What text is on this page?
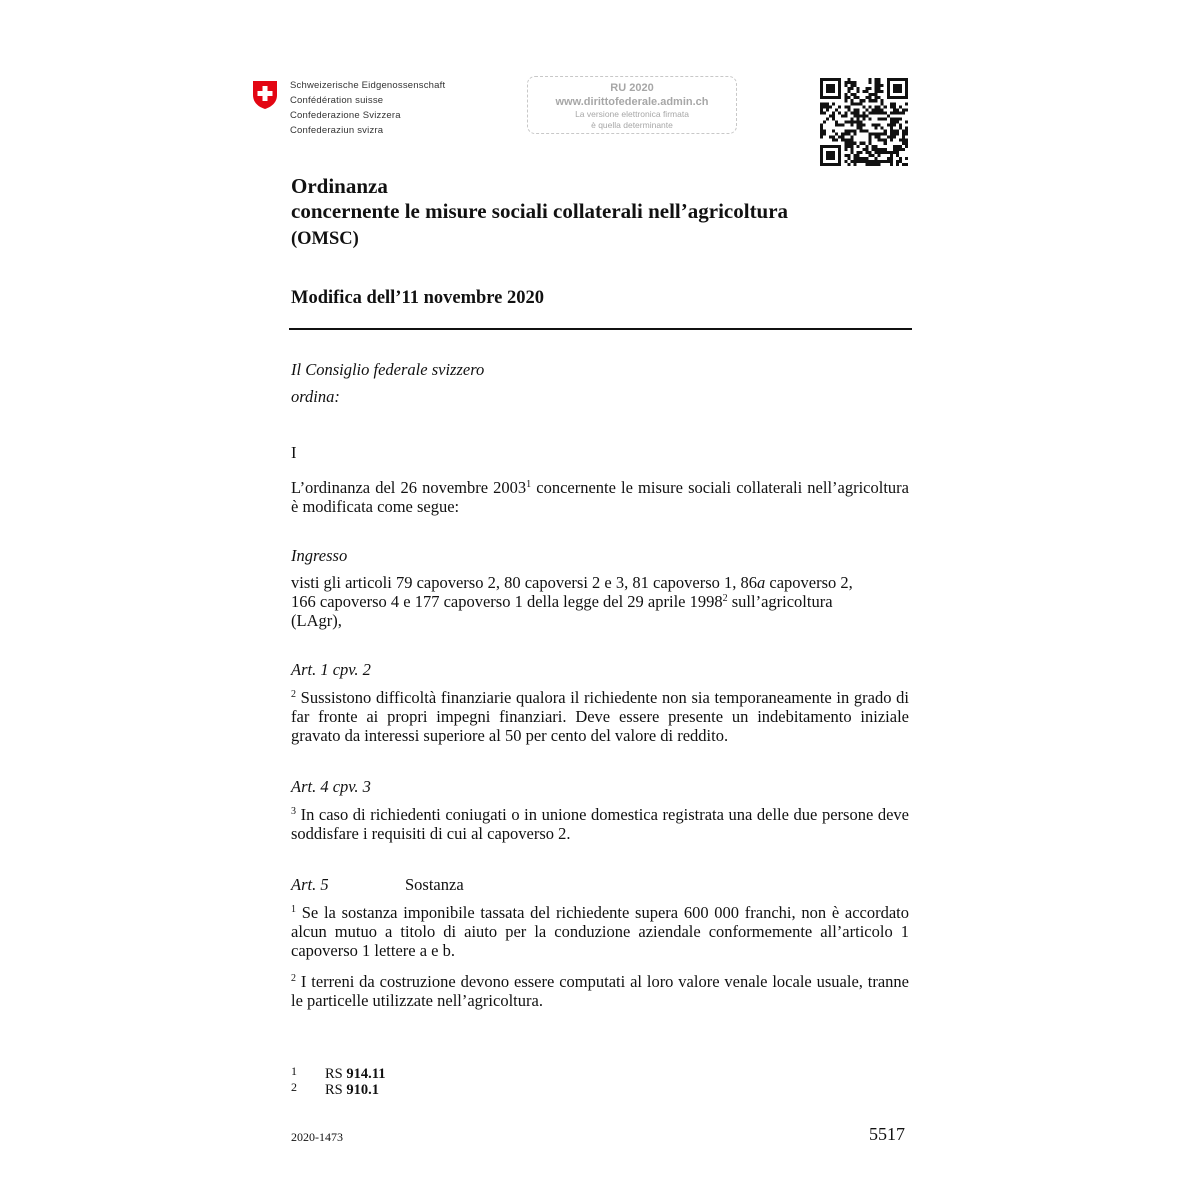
Schweizerische Eidgenossenschaft
Confédération suisse
Confederazione Svizzera
Confederaziun svizra
RU 2020
www.dirittofederale.admin.ch
La versione elettronica firmata
è quella determinante
Ordinanza
concernente le misure sociali collaterali nell’agricoltura
(OMSC)
Modifica dell’11 novembre 2020
Il Consiglio federale svizzero
ordina:
I
L’ordinanza del 26 novembre 2003$^1$ concernente le misure sociali collaterali nell’agricoltura è modificata come segue:
Ingresso
visti gli articoli 79 capoverso 2, 80 capoversi 2 e 3, 81 capoverso 1, 86a capoverso 2, 166 capoverso 4 e 177 capoverso 1 della legge del 29 aprile 1998$^2$ sull’agricoltura (LAgr),
Art. 1 cpv. 2
$^2$ Sussistono difficoltà finanziarie qualora il richiedente non sia temporaneamente in grado di far fronte ai propri impegni finanziari. Deve essere presente un indebitamento iniziale gravato da interessi superiore al 50 per cento del valore di reddito.
Art. 4 cpv. 3
$^3$ In caso di richiedenti coniugati o in unione domestica registrata una delle due persone deve soddisfare i requisiti di cui al capoverso 2.
Art. 5	Sostanza
$^1$ Se la sostanza imponibile tassata del richiedente supera 600 000 franchi, non è accordato alcun mutuo a titolo di aiuto per la conduzione aziendale conformemente all’articolo 1 capoverso 1 lettere a e b.
$^2$ I terreni da costruzione devono essere computati al loro valore venale locale usuale, tranne le particelle utilizzate nell’agricoltura.
1 RS 914.11
2 RS 910.1
2020-1473	5517
